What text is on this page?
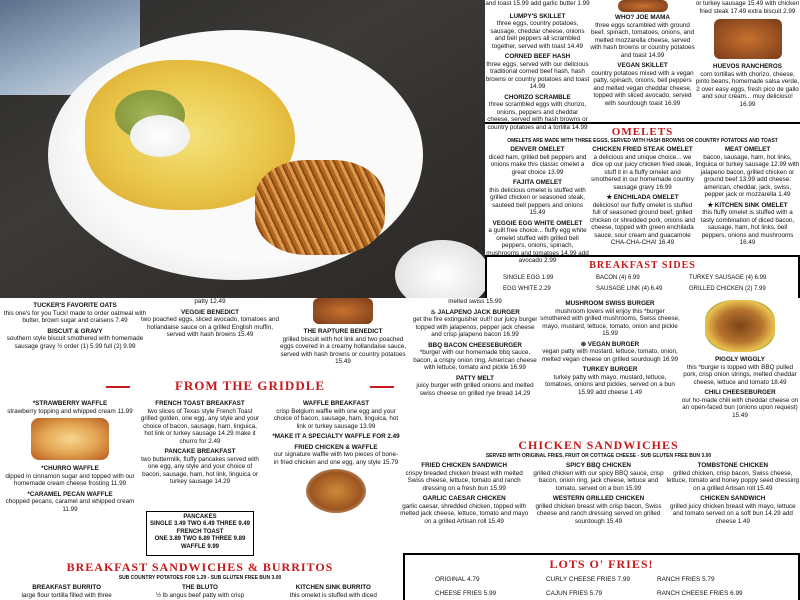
and toast 15.99 add garlic butter 1.99
LUMPY'S SKILLET
three eggs, country potatoes, sausage, cheddar cheese, onions and bell peppers all scrambled together, served with toast 14.49
CORNED BEEF HASH
three eggs, served with our delicious traditional corned beef hash, hash browns or country potatoes and toast 14.99
CHORIZO SCRAMBLE
three scrambled eggs with chorizo, onions, peppers and cheddar cheese, served with hash browns or country potatoes and a tortilla 14.99
WHO? JOE MAMA
three eggs scrambled with ground beef, spinach, tomatoes, onions, and melted mozzarella cheese, served with hash browns or country potatoes and toast 14.99
VEGAN SKILLET
country potatoes mixed with a vegan patty, spinach, onions, bell peppers and melted vegan cheddar cheese, topped with sliced avocado, served with sourdough toast 16.99
or turkey sausage 15.49 with chicken fried steak 17.49 extra biscuit 2.99
HUEVOS RANCHEROS
corn tortillas with chorizo, cheese, pinto beans, homemade salsa verde, 2 over easy eggs, fresh pico de gallo and sour cream... muy delicioso! 16.99
OMELETS
OMELETS ARE MADE WITH THREE EGGS, SERVED WITH HASH BROWNS OR COUNTRY POTATOES AND TOAST
DENVER OMELET
diced ham, grilled bell peppers and onions make this classic omelet a great choice 13.99
FAJITA OMELET
this delicious omelet is stuffed with grilled chicken or seasoned steak, sauteed bell peppers and onions 15.49
VEGGIE EGG WHITE OMELET
a guilt free choice... fluffy egg white omelet stuffed with grilled bell peppers, onions, spinach, mushrooms and tomatoes 14.99 add avocado 2.99
CHICKEN FRIED STEAK OMELET
a delicious and unique choice... we dice up our juicy chicken fried steak, stuff it in a fluffy omelet and smothered in our homemade country sausage gravy 16.99
★ ENCHILADA OMELET
delicioso! our fluffy omelet is stuffed full of seasoned ground beef, grilled chicken or shredded pork, onions and cheese, topped with green enchilada sauce, sour cream and guacamole CHA-CHA-CHA! 16.49
MEAT OMELET
bacon, sausage, ham, hot links, linguica or turkey sausage 12.99 with jalapeno bacon, grilled chicken or ground beef 13.99 add cheese: american, cheddar, jack, swiss, pepper jack or mozzarella 1.49
★ KITCHEN SINK OMELET
this fluffy omelet is stuffed with a tasty combination of diced bacon, sausage, ham, hot links, bell peppers, onions and mushrooms 16.49
BREAKFAST SIDES
SINGLE EGG 1.99	BACON (4) 6.99	TURKEY SAUSAGE (4) 6.99
EGG WHITE 2.29	SAUSAGE LINK (4) 6.49	GRILLED CHICKEN (2) 7.99
TUCKER'S FAVORITE OATS
this one's for you Tuck! made to order oatmeal with butter, brown sugar and craisens 7.49
BISCUIT & GRAVY
southern style biscuit smothered with homemade sausage gravy ½ order (1) 5.99 full (2) 9.99
patty 12.49
VEGGIE BENEDICT
two poached eggs, sliced avocado, tomatoes and hollandaise sauce on a grilled English muffin, served with hash browns 15.49	THE RAPTURE BENEDICT
grilled biscuit with hot link and two poached eggs covered in a creamy hollandaise sauce, served with hash browns or country potatoes 15.49
FROM THE GRIDDLE
*STRAWBERRY WAFFLE
strawberry topping and whipped cream 11.99
*CHURRO WAFFLE
dipped in cinnamon sugar and topped with our homemade cream cheese frosting 11.99
*CARAMEL PECAN WAFFLE
chopped pecans, caramel and whipped cream 11.99
FRENCH TOAST BREAKFAST
two slices of Texas style French Toast grilled golden, one egg, any style and your choice of bacon, sausage, ham, linguica, hot link or turkey sausage 14.29 make it churro for 2.49
PANCAKE BREAKFAST
two buttermilk, fluffy pancakes served with one egg, any style and your choice of bacon, sausage, ham, hot link, linguica or turkey sausage 14.29
PANCAKES
SINGLE 3.49 TWO 6.49 THREE 9.49
FRENCH TOAST
ONE 3.89 TWO 6.89 THREE 9.89
WAFFLE 9.99
WAFFLE BREAKFAST
crisp Belgium waffle with one egg and your choice of bacon, sausage, ham, linguica, hot link or turkey sausage 13.99
*MAKE IT A SPECIALTY WAFFLE FOR 2.49
FRIED CHICKEN & WAFFLE
our signature waffle with two pieces of bone-in fried chicken and one egg, any style 15.79
BREAKFAST SANDWICHES & BURRITOS
SUB COUNTRY POTATOES FOR 1.29 - SUB GLUTEN FREE BUN 3.00
BREAKFAST BURRITO
large flour tortilla filled with three
THE BLUTO
½ lb angus beef patty with crisp
KITCHEN SINK BURRITO
this omelet is stuffed with diced
melted swiss 15.99
♨ JALAPENO JACK BURGER
get the fire extinguisher out!! our juicy burger topped with jalapenos, pepper jack cheese and crisp jalapeno bacon 16.99
BBQ BACON CHEESEBURGER
*burger with our homemade bbq sauce, bacon, a crispy onion ring, American cheese with lettuce, tomato and pickle 16.99
PATTY MELT
juicy burger with grilled onions and melted swiss cheese on grilled rye bread 14.29
MUSHROOM SWISS BURGER
mushroom lovers will enjoy this *burger smothered with grilled mushrooms, Swiss cheese, mayo, mustard, lettuce, tomato, onion and pickle 15.99
⊛ VEGAN BURGER
vegan patty with mustard, lettuce, tomato, onion, melted vegan cheese on grilled sourdough 16.99
TURKEY BURGER
turkey patty with mayo, mustard, lettuce, tomatoes, onions and pickles, served on a bun 15.99 add cheese 1.49
PIGGLY WIGGLY
this *burger is topped with BBQ pulled pork, crisp onion strings, melted cheddar cheese, lettuce and tomato 18.49
CHILI CHEESEBURGER
our ho-made chili with cheddar cheese on an open-faced bun (onions upon request) 15.49
CHICKEN SANDWICHES
SERVED WITH ORIGINAL FRIES, FRUIT OR COTTAGE CHEESE - SUB GLUTEN FREE BUN 3.00
FRIED CHICKEN SANDWICH
crispy breaded chicken breast with melted Swiss cheese, lettuce, tomato and ranch dressing on a fresh bun 15.99
GARLIC CAESAR CHICKEN
garlic caesar, shredded chicken, topped with melted jack cheese, lettuce, tomato and mayo on a grilled Artisan roll 15.49
SPICY BBQ CHICKEN
grilled chicken with our spicy BBQ sauce, crisp bacon, onion ring, jack cheese, lettuce and tomato, served on a bun 15.99
WESTERN GRILLED CHICKEN
grilled chicken breast with crisp bacon, Swiss cheese and ranch dressing served on grilled sourdough 15.49
TOMBSTONE CHICKEN
grilled chicken, crisp bacon, Swiss cheese, lettuce, tomato and honey poppy seed dressing on a grilled Artisan roll 15.49
CHICKEN SANDWICH
grilled juicy chicken breast with mayo, lettuce and tomato served on a soft bun 14.29 add cheese 1.49
LOTS O' FRIES!
ORIGINAL 4.79	CURLY CHEESE FRIES 7.99	RANCH FRIES 5.79
CHEESE FRIES 5.99	CAJUN FRIES 5.79	RANCH CHEESE FRIES 6.99
